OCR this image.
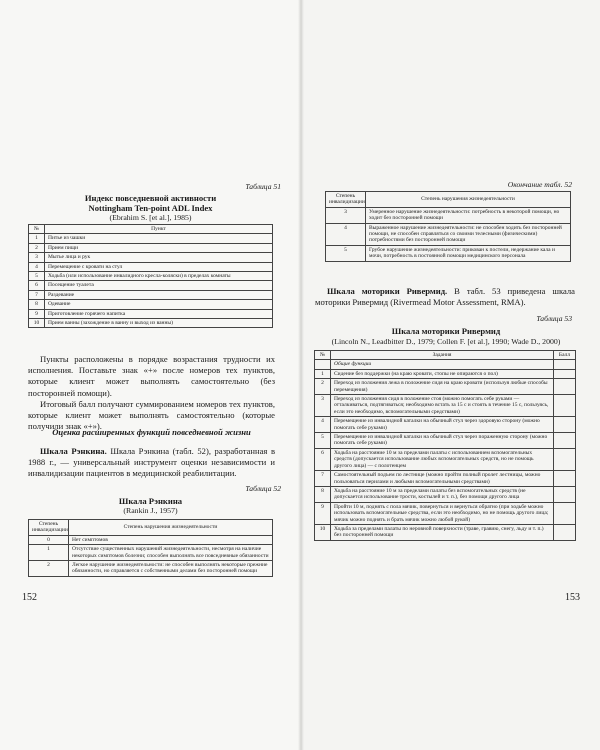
Таблица 51
Индекс повседневной активности
Nottingham Ten-point ADL Index
(Ebrahim S. [et al.], 1985)
№	Пункт
1	Питье из чашки
2	Прием пищи
3	Мытье лица и рук
4	Перемещение с кровати на стул
5	Ходьба (или использование инвалидного кресла-коляски) в пределах комнаты
6	Посещение туалета
7	Раздевание
8	Одевание
9	Приготовление горячего напитка
10	Прием ванны (захождение в ванну и выход из ванны)

Пункты расположены в порядке возрастания трудности их исполнения. Поставьте знак «+» после номеров тех пунктов, которые клиент может выполнять самостоятельно (без посторонней помощи).

Итоговый балл получают суммированием номеров тех пунктов, которые клиент может выполнять самостоятельно (которые получили знак «+»).

Оценка расширенных функций повседневной жизни

Шкала Рэнкина. Шкала Рэнкина (табл. 52), разработанная в 1988 г., — универсальный инструмент оценки независимости и инвалидизации пациентов в медицинской реабилитации.

Таблица 52
Шкала Рэнкина
(Rankin J., 1957)
Степень инвалидизации	Степень нарушения жизнедеятельности
0	Нет симптомов
1	Отсутствие существенных нарушений жизнедеятельности, несмотря на наличие некоторых симптомов болезни; способен выполнять все повседневные обязанности
2	Легкое нарушение жизнедеятельности: не способен выполнять некоторые прежние обязанности, но справляется с собственными делами без посторонней помощи
152
Окончание табл. 52
Степень инвалидизации	Степень нарушения жизнедеятельности
3	Умеренное нарушение жизнедеятельности: потребность в некоторой помощи, но ходит без посторонней помощи
4	Выраженное нарушение жизнедеятельности: не способен ходить без посторонней помощи, не способен справляться со своими телесными (физическими) потребностями без посторонней помощи
5	Грубое нарушение жизнедеятельности: прикован к постели, недержание кала и мочи, потребность в постоянной помощи медицинского персонала

Шкала моторики Ривермид. В табл. 53 приведена шкала моторики Ривермид (Rivermead Motor Assessment, RMA).

Таблица 53
Шкала моторики Ривермид
(Lincoln N., Leadbitter D., 1979; Collen F. [et al.], 1990; Wade D., 2000)
№	Задания	Балл
	Общие функции	
1	Сидение без поддержки (на краю кровати, стопы не опираются о пол)	
2	Переход из положения лежа в положение сидя на краю кровати (используя любые способы перемещения)	
3	Переход из положения сидя в положение стоя (можно помогать себе руками — отталкиваться, подтягиваться; необходимо встать за 15 с и стоять в течение 15 с, пользуясь, если это необходимо, вспомогательными средствами)	
4	Перемещение из инвалидной каталки на обычный стул через здоровую сторону (можно помогать себе руками)	
5	Перемещение из инвалидной каталки на обычный стул через пораженную сторону (можно помогать себе руками)	
6	Ходьба на расстояние 10 м за пределами палаты с использованием вспомогательных средств (допускается использование любых вспомогательных средств, но не помощь другого лица) — с полотенцем	
7	Самостоятельный подъем по лестнице (можно пройти полный пролет лестницы, можно пользоваться перилами и любыми вспомогательными средствами)	
8	Ходьба на расстояние 10 м за пределами палаты без вспомогательных средств (не допускается использование трости, костылей и т. п.), без помощи другого лица	
9	Пройти 10 м, поднять с пола мячик, повернуться и вернуться обратно (при ходьбе можно использовать вспомогательные средства, если это необходимо, но не помощь другого лица; мячик можно поднять и брать мячик можно любой рукой)	
10	Ходьба за пределами палаты по неровной поверхности (траве, гравию, снегу, льду и т. п.) без посторонней помощи	
153
